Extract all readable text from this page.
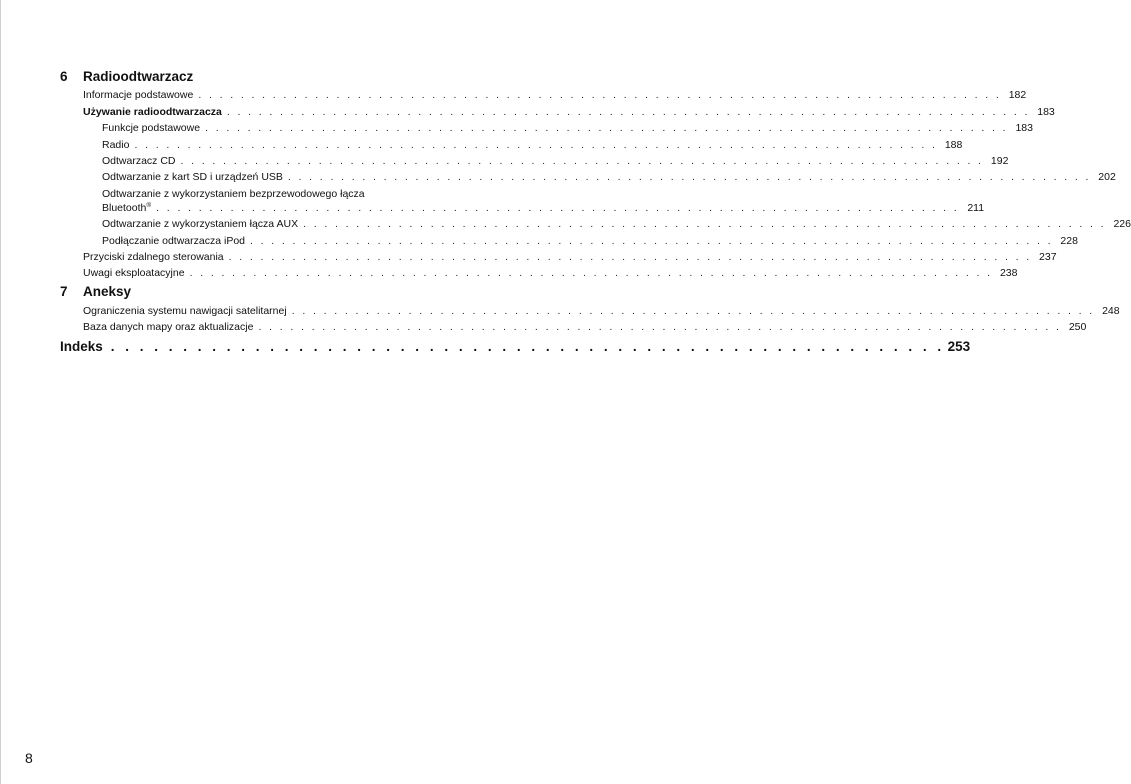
6	Radioodtwarzacz
Informacje podstawowe . . . . . . . . . . . . . . . . . . . . . . . . . . . . . . . . . . . . . . . . . . . . . . . . . . . . . . . . . . . . . . . . . . . . . . . . . . . . 182
Używanie radioodtwarzacza . . . . . . . . . . . . . . . . . . . . . . . . . . . . . . . . . . . . . . . . . . . . . . . . . . . . . . . . . . . . . . . . . . . . . . . . . . . . 183
Funkcje podstawowe . . . . . . . . . . . . . . . . . . . . . . . . . . . . . . . . . . . . . . . . . . . . . . . . . . . . . . . . . . . . . . . . . . . . . . . . . . . . 183
Radio . . . . . . . . . . . . . . . . . . . . . . . . . . . . . . . . . . . . . . . . . . . . . . . . . . . . . . . . . . . . . . . . . . . . . . . . . . . . 188
Odtwarzacz CD . . . . . . . . . . . . . . . . . . . . . . . . . . . . . . . . . . . . . . . . . . . . . . . . . . . . . . . . . . . . . . . . . . . . . . . . . . . . 192
Odtwarzanie z kart SD i urządzeń USB . . . . . . . . . . . . . . . . . . . . . . . . . . . . . . . . . . . . . . . . . . . . . . . . . . . . . . . . . . . . . . . . . . . . . . . . . . . . 202
Odtwarzanie z wykorzystaniem bezprzewodowego łącza
Bluetooth® . . . . . . . . . . . . . . . . . . . . . . . . . . . . . . . . . . . . . . . . . . . . . . . . . . . . . . . . . . . . . . . . . . . . . . . . . . . . 211
Odtwarzanie z wykorzystaniem łącza AUX . . . . . . . . . . . . . . . . . . . . . . . . . . . . . . . . . . . . . . . . . . . . . . . . . . . . . . . . . . . . . . . . . . . . . . . . . . . . 226
Podłączanie odtwarzacza iPod . . . . . . . . . . . . . . . . . . . . . . . . . . . . . . . . . . . . . . . . . . . . . . . . . . . . . . . . . . . . . . . . . . . . . . . . . . . . 228
Przyciski zdalnego sterowania . . . . . . . . . . . . . . . . . . . . . . . . . . . . . . . . . . . . . . . . . . . . . . . . . . . . . . . . . . . . . . . . . . . . . . . . . . . . 237
Uwagi eksploatacyjne . . . . . . . . . . . . . . . . . . . . . . . . . . . . . . . . . . . . . . . . . . . . . . . . . . . . . . . . . . . . . . . . . . . . . . . . . . . . 238
7	Aneksy
Ograniczenia systemu nawigacji satelitarnej . . . . . . . . . . . . . . . . . . . . . . . . . . . . . . . . . . . . . . . . . . . . . . . . . . . . . . . . . . . . . . . . . . . . . . . . . . . . 248
Baza danych mapy oraz aktualizacje . . . . . . . . . . . . . . . . . . . . . . . . . . . . . . . . . . . . . . . . . . . . . . . . . . . . . . . . . . . . . . . . . . . . . . . . . . . . 250
Indeks . . . . . . . . . . . . . . . . . . . . . . . . . . . . . . . . . . . . . . . . . . . . . . . . . . . . . . . . . . 253
8
